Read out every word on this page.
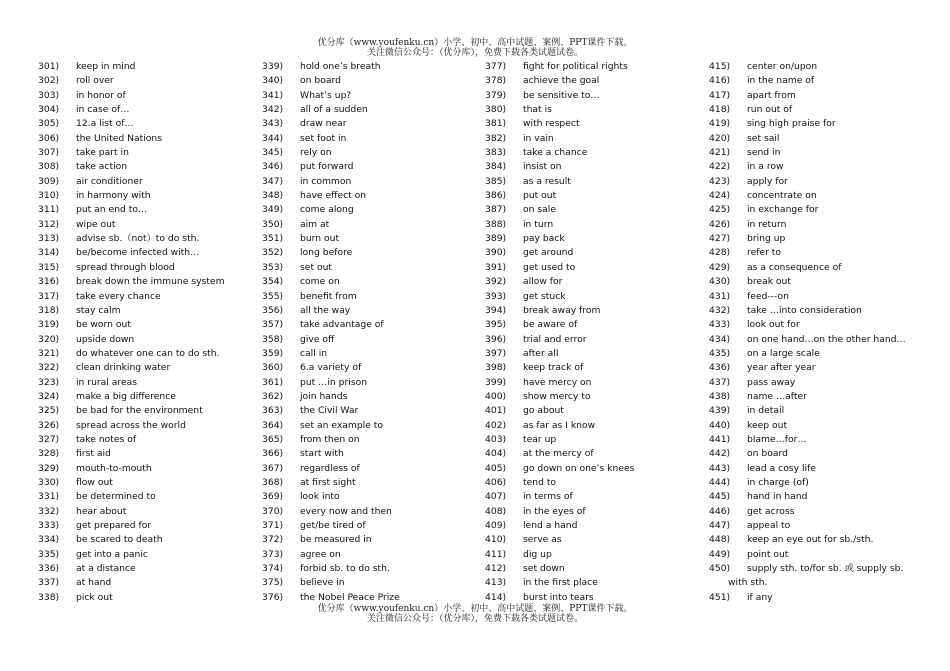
优分库（www.youfenku.cn）小学、初中、高中试题、案例、PPT课件下载。
关注微信公众号：（优分库），免费下载各类试题试卷。
301) keep in mind
302) roll over
303) in honor of
304) in case of…
305) 12.a list of…
306) the United Nations
307) take part in
308) take action
309) air conditioner
310) in harmony with
311) put an end to…
312) wipe out
313) advise sb.（not）to do sth.
314) be/become infected with…
315) spread through blood
316) break down the immune system
317) take every chance
318) stay calm
319) be worn out
320) upside down
321) do whatever one can to do sth.
322) clean drinking water
323) in rural areas
324) make a big difference
325) be bad for the environment
326) spread across the world
327) take notes of
328) first aid
329) mouth-to-mouth
330) flow out
331) be determined to
332) hear about
333) get prepared for
334) be scared to death
335) get into a panic
336) at a distance
337) at hand
338) pick out
339) hold one’s breath
340) on board
341) What’s up?
342) all of a sudden
343) draw near
344) set foot in
345) rely on
346) put forward
347) in common
348) have effect on
349) come along
350) aim at
351) burn out
352) long before
353) set out
354) come on
355) benefit from
356) all the way
357) take advantage of
358) give off
359) call in
360) 6.a variety of
361) put …in prison
362) join hands
363) the Civil War
364) set an example to
365) from then on
366) start with
367) regardless of
368) at first sight
369) look into
370) every now and then
371) get/be tired of
372) be measured in
373) agree on
374) forbid sb. to do sth.
375) believe in
376) the Nobel Peace Prize
377) fight for political rights
378) achieve the goal
379) be sensitive to…
380) that is
381) with respect
382) in vain
383) take a chance
384) insist on
385) as a result
386) put out
387) on sale
388) in turn
389) pay back
390) get around
391) get used to
392) allow for
393) get stuck
394) break away from
395) be aware of
396) trial and error
397) after all
398) keep track of
399) have mercy on
400) show mercy to
401) go about
402) as far as I know
403) tear up
404) at the mercy of
405) go down on one’s knees
406) tend to
407) in terms of
408) in the eyes of
409) lend a hand
410) serve as
411) dig up
412) set down
413) in the first place
414) burst into tears
415) center on/upon
416) in the name of
417) apart from
418) run out of
419) sing high praise for
420) set sail
421) send in
422) in a row
423) apply for
424) concentrate on
425) in exchange for
426) in return
427) bring up
428) refer to
429) as a consequence of
430) break out
431) feed---on
432) take …into consideration
433) look out for
434) on one hand…on the other hand…
435) on a large scale
436) year after year
437) pass away
438) name …after
439) in detail
440) keep out
441) blame…for…
442) on board
443) lead a cosy life
444) in charge (of)
445) hand in hand
446) get across
447) appeal to
448) keep an eye out for sb./sth.
449) point out
450) supply sth. to/for sb. 或 supply sb.
with sth.
451) if any
优分库（www.youfenku.cn）小学、初中、高中试题、案例、PPT课件下载。
关注微信公众号：（优分库），免费下载各类试题试卷。
